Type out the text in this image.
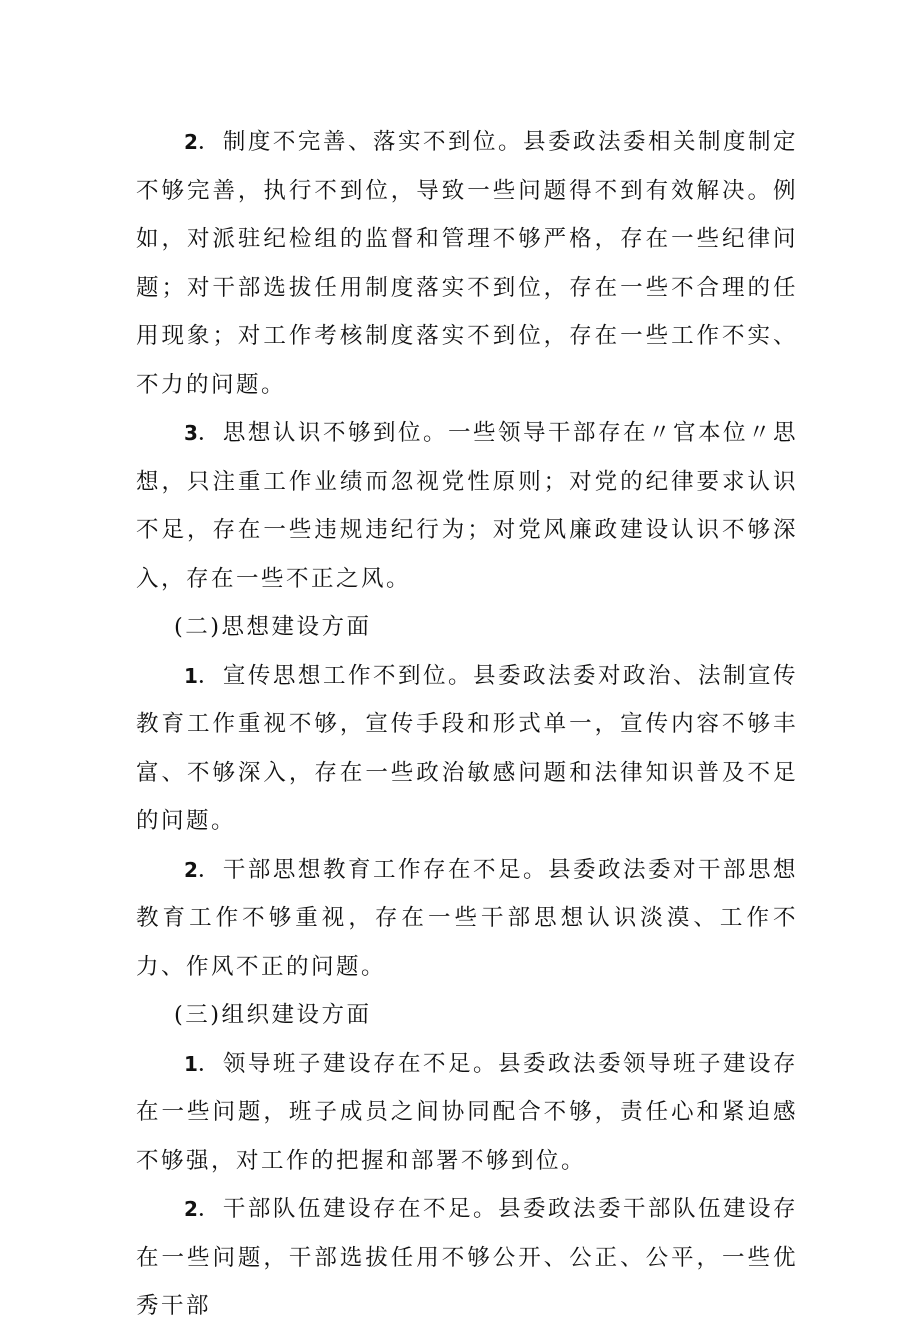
2．制度不完善、落实不到位。县委政法委相关制度制定不够完善，执行不到位，导致一些问题得不到有效解决。例如，对派驻纪检组的监督和管理不够严格，存在一些纪律问题；对干部选拔任用制度落实不到位，存在一些不合理的任用现象；对工作考核制度落实不到位，存在一些工作不实、不力的问题。

3．思想认识不够到位。一些领导干部存在〃官本位〃思想，只注重工作业绩而忽视党性原则；对党的纪律要求认识不足，存在一些违规违纪行为；对党风廉政建设认识不够深入，存在一些不正之风。

(二)思想建设方面

1．宣传思想工作不到位。县委政法委对政治、法制宣传教育工作重视不够，宣传手段和形式单一，宣传内容不够丰富、不够深入，存在一些政治敏感问题和法律知识普及不足的问题。

2．干部思想教育工作存在不足。县委政法委对干部思想教育工作不够重视，存在一些干部思想认识淡漠、工作不力、作风不正的问题。

(三)组织建设方面

1．领导班子建设存在不足。县委政法委领导班子建设存在一些问题，班子成员之间协同配合不够，责任心和紧迫感不够强，对工作的把握和部署不够到位。

2．干部队伍建设存在不足。县委政法委干部队伍建设存在一些问题，干部选拔任用不够公开、公正、公平，一些优秀干部
